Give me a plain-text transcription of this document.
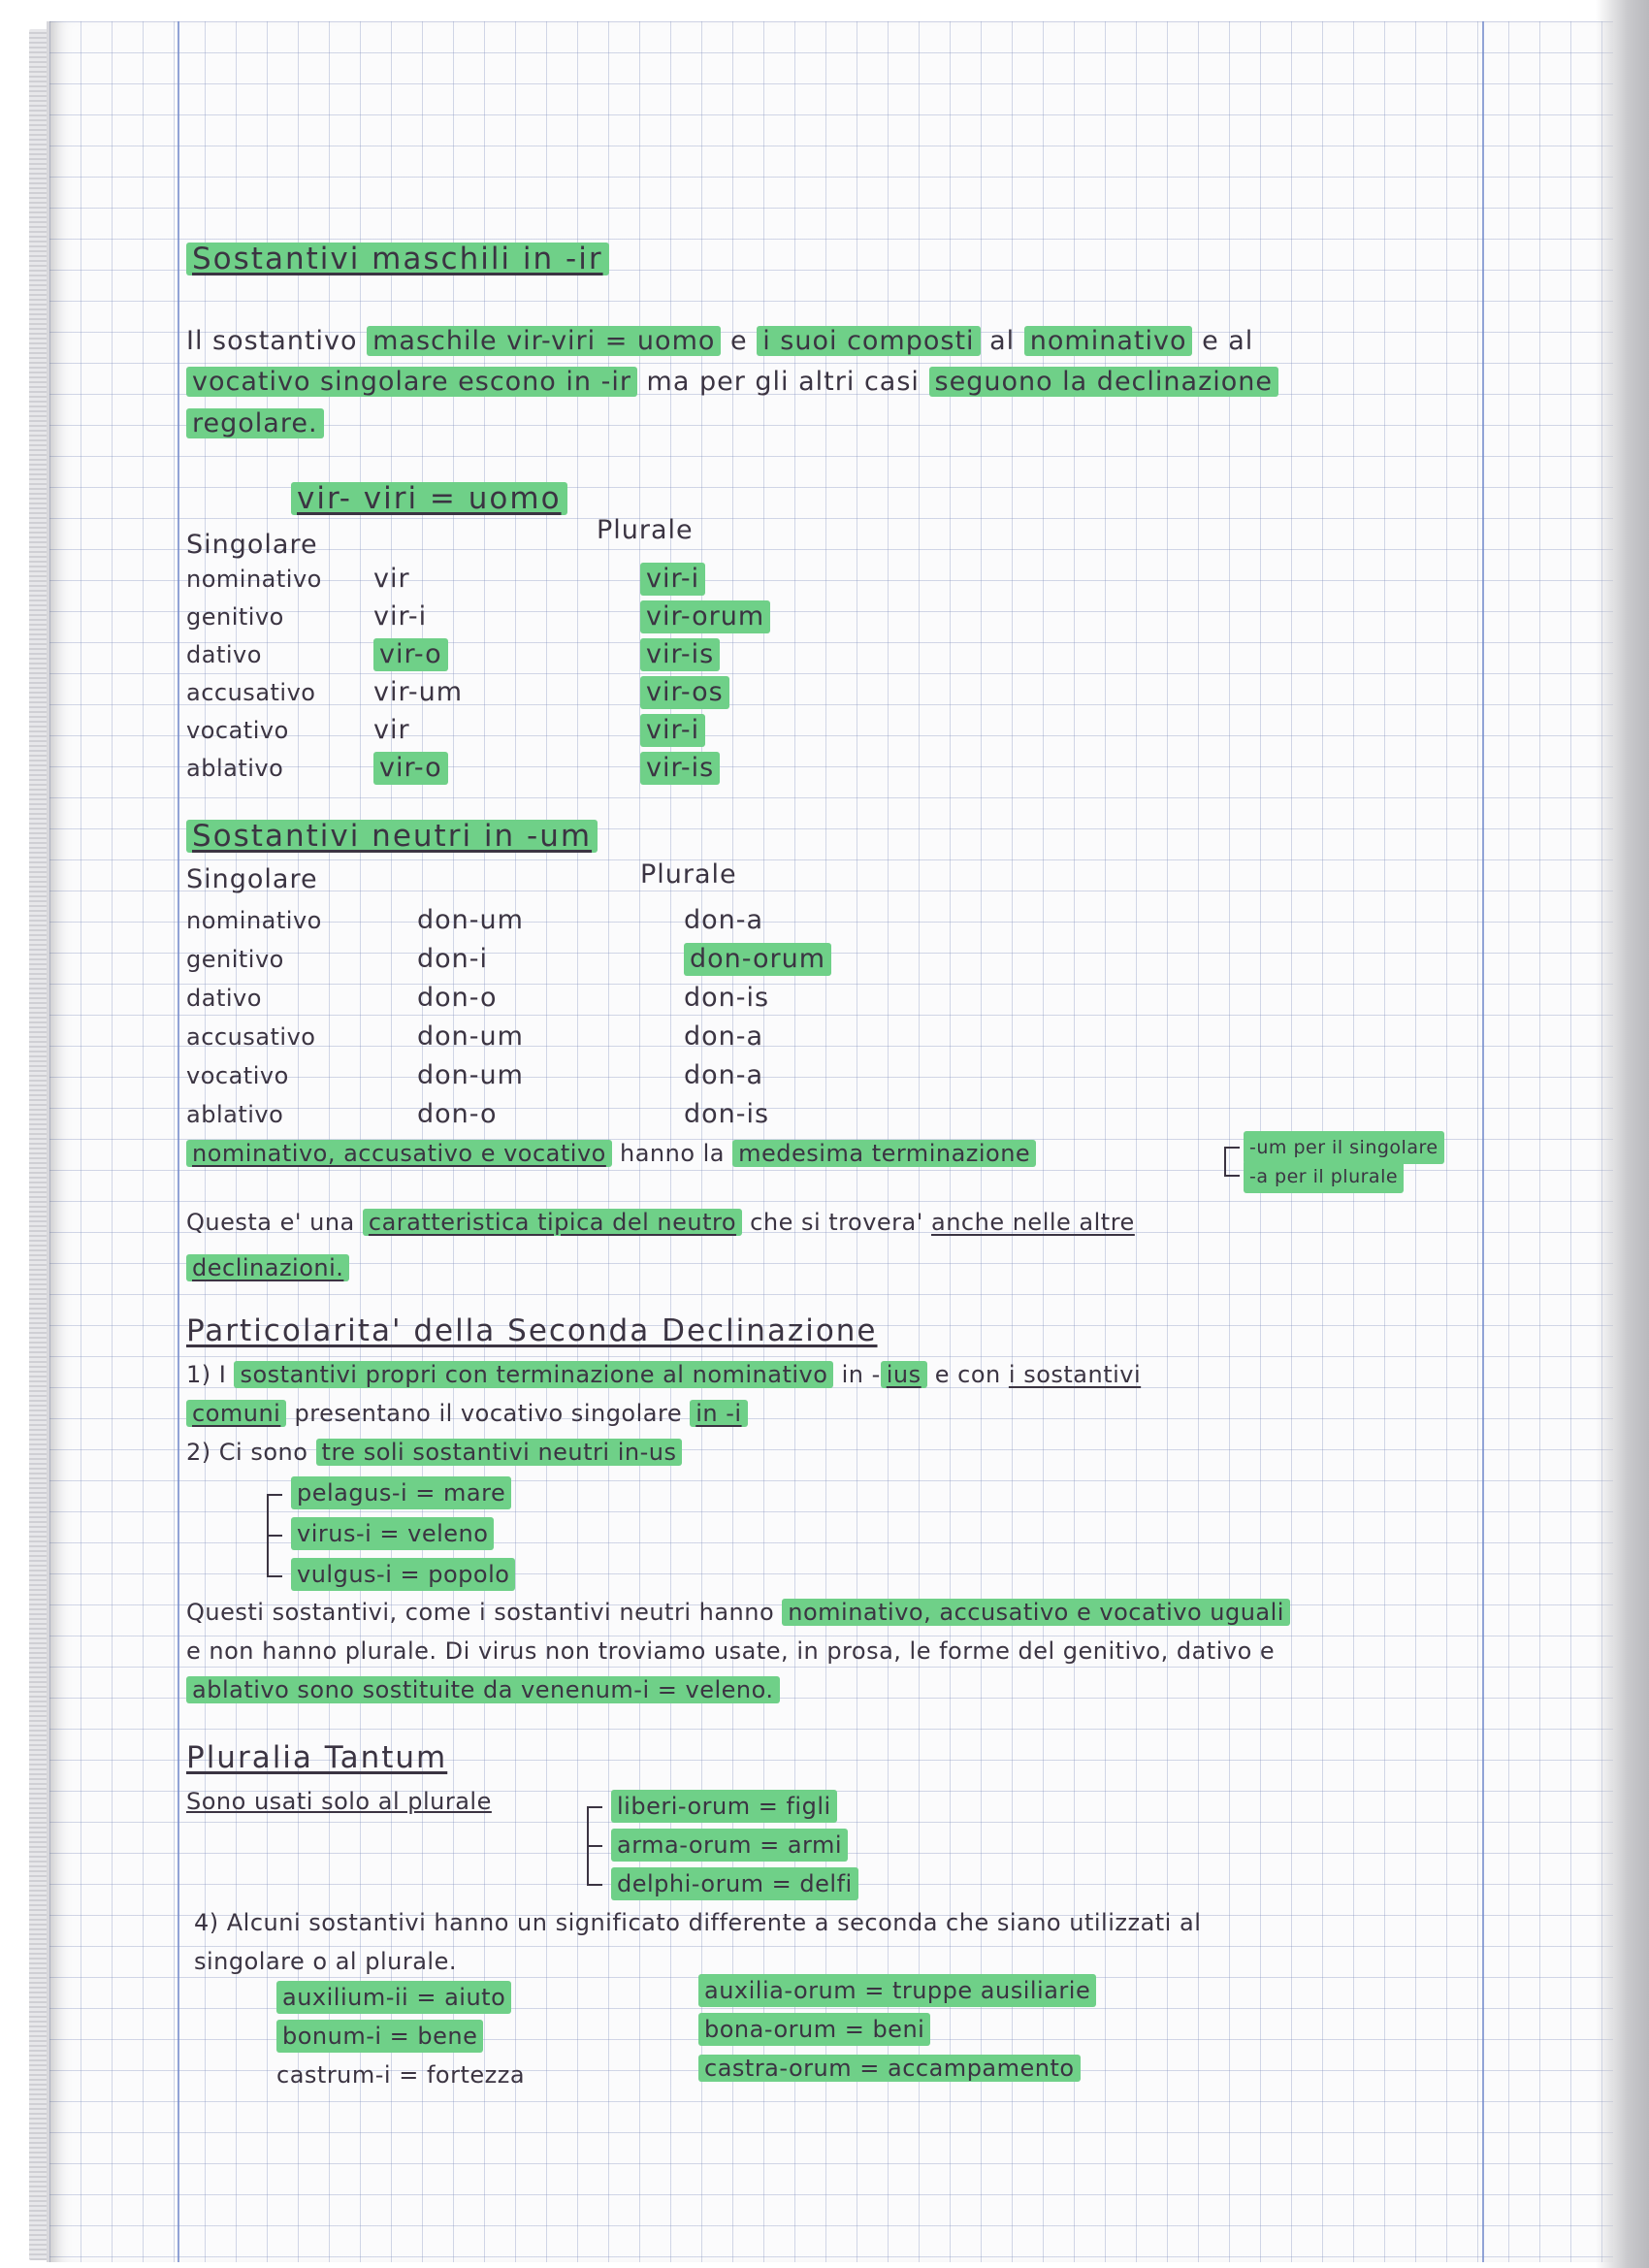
Sostantivi maschili in -ir
Il sostantivo maschile vir-viri = uomo e i suoi composti al nominativo e al
vocativo singolare escono in -ir ma per gli altri casi seguono la declinazione
regolare.
vir- viri = uomo
Singolare	Plurale
nominativo vir	vir-i
genitivo	vir-i	vir-orum
dativo	vir-o	vir-is
accusativo vir-um	vir-os
vocativo	vir	vir-i
ablativo	vir-o	vir-is
Sostantivi neutri in -um
Singolare	Plurale
nominativo	don-um	don-a
genitivo	don-i	don-orum
dativo	don-o	don-is
accusativo	don-um	don-a
vocativo	don-um	don-a
ablativo	don-o	don-is
nominativo, accusativo e vocativo hanno la medesima terminazione	-um per il singolare
-a per il plurale
Questa e' una caratteristica tipica del neutro che si trovera' anche nelle altre
declinazioni.
Particolarita' della Seconda Declinazione
1) I sostantivi propri con terminazione al nominativo in - ius e con i sostantivi
comuni presentano il vocativo singolare in -i
2) Ci sono tre soli sostantivi neutri in-us
pelagus-i = mare
virus-i = veleno
vulgus-i = popolo
Questi sostantivi, come i sostantivi neutri hanno nominativo, accusativo e vocativo uguali
e non hanno plurale. Di virus non troviamo usate, in prosa, le forme del genitivo, dativo e
ablativo sono sostituite da venenum-i = veleno.
Pluralia Tantum
Sono usati solo al plurale	liberi-orum = figli
arma-orum = armi
delphi-orum = delfi
4) Alcuni sostantivi hanno un significato differente a seconda che siano utilizzati al
singolare o al plurale.
auxilium-ii = aiuto	auxilia-orum = truppe ausiliarie
bonum-i = bene	bona-orum = beni
castrum-i = fortezza	castra-orum = accampamento
